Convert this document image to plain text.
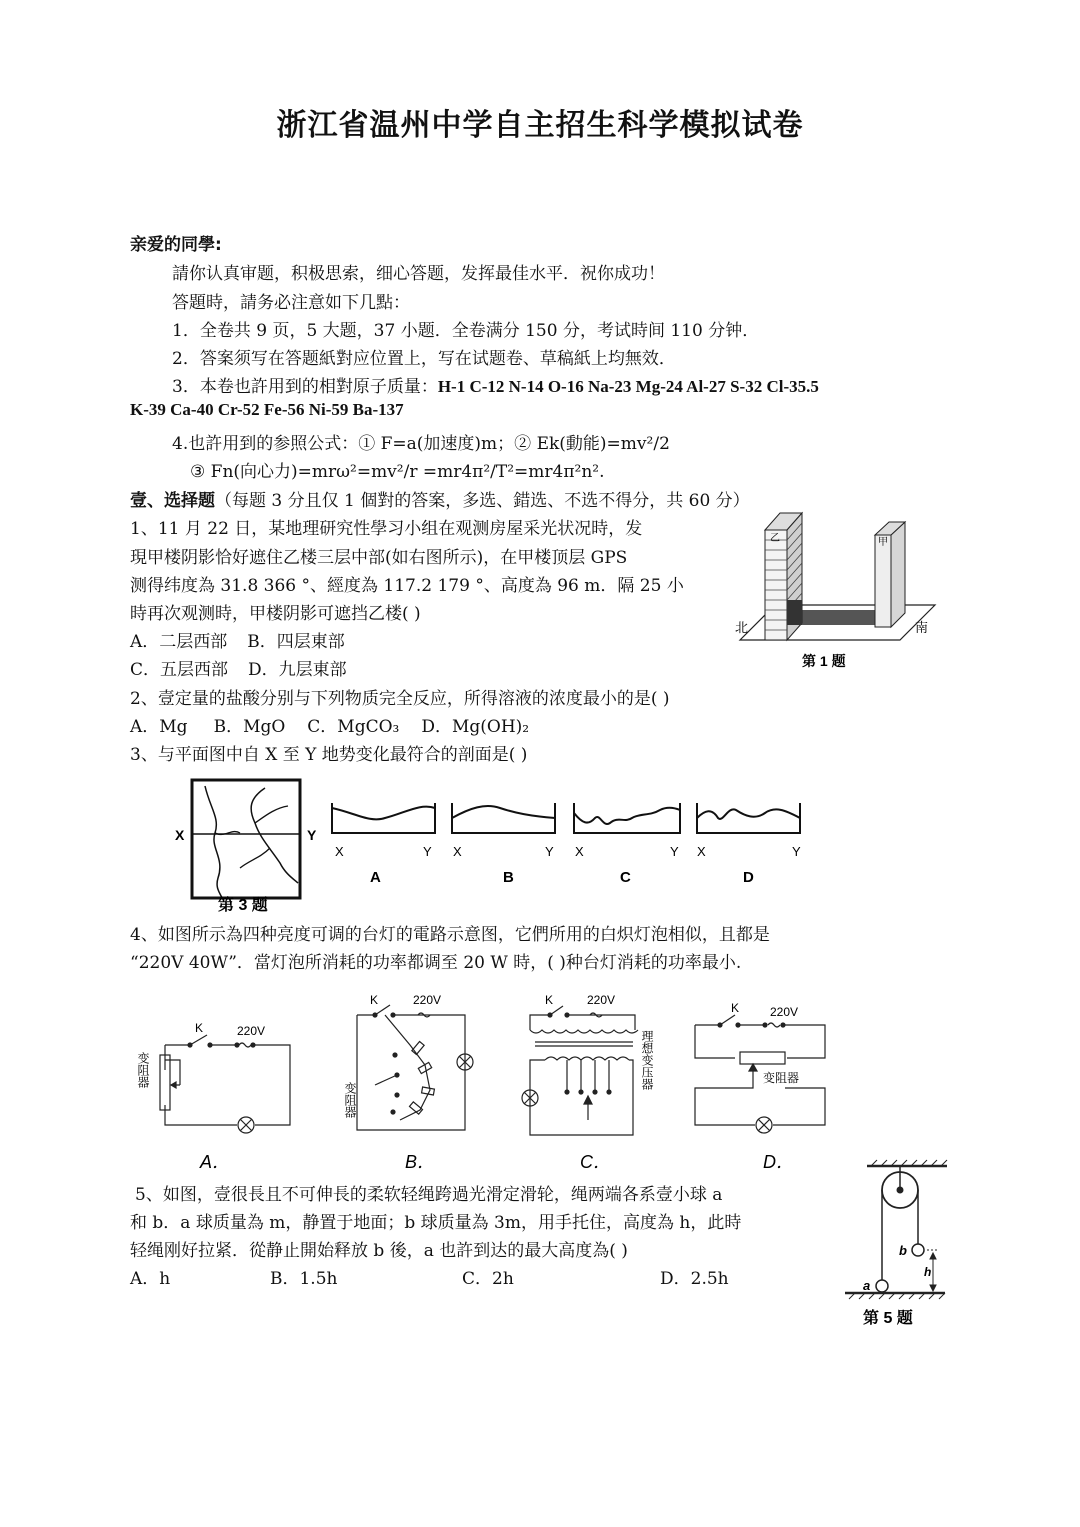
浙江省温州中学自主招生科学模拟试卷
亲爱的同學:
請你认真审题，积极思索，细心答题，发挥最佳水平．祝你成功！
答題時，請务必注意如下几點：
1．全卷共 9 页，5 大题，37 小题．全卷满分 150 分，考试時间 110 分钟．
2．答案须写在答题紙對应位置上，写在试题卷、草稿紙上均無效．
3．本卷也許用到的相對原子质量：H-1 C-12 N-14 O-16 Na-23 Mg-24 Al-27 S-32 Cl-35.5
K-39 Ca-40 Cr-52 Fe-56 Ni-59 Ba-137
4.也許用到的参照公式：① F=a(加速度)m；② Ek(動能)=mv²/2
③ Fn(向心力)=mrω²=mv²/r =mr4π²/T²=mr4π²n².
壹、选择题（每题 3 分且仅 1 個對的答案，多选、錯选、不选不得分，共 60 分）
1、11 月 22 日，某地理研究性學习小组在观测房屋采光状况時，发
現甲楼阴影恰好遮住乙楼三层中部(如右图所示)，在甲楼顶层 GPS
测得纬度為 31.8 366 °、經度為 117.2 179 °、高度為 96 m．隔 25 小
時再次观测時，甲楼阴影可遮挡乙楼( )
A．二层西部 B．四层東部
C．五层西部 D．九层東部
乙	甲
北	南
第 1 题
2、壹定量的盐酸分别与下列物质完全反应，所得溶液的浓度最小的是( )
A．Mg B．MgO C．MgCO₃ D．Mg(OH)₂
3、与平面图中自 X 至 Y 地势变化最符合的剖面是( )
X	Y
第 3 题
X	Y
A
X	Y
B
X	Y
C
X	Y
D
4、如图所示為四种亮度可调的台灯的電路示意图，它們所用的白炽灯泡相似，且都是
“220V 40W”．當灯泡所消耗的功率都调至 20 W 時，( )种台灯消耗的功率最小.
K	220V
变阻器
A．
K	220V
变阻器
B．
K	220V
理想变压器
C．
K	220V
变阻器
D．
5、如图，壹很長且不可伸長的柔软轻绳跨過光滑定滑轮，绳两端各系壹小球 a
和 b．a 球质量為 m，静置于地面；b 球质量為 3m，用手托住，高度為 h，此時
轻绳刚好拉紧．從静止開始释放 b 後，a 也許到达的最大高度為( )
A．h	B．1.5h	C．2h	D．2.5h	a
b
h
第 5 题
